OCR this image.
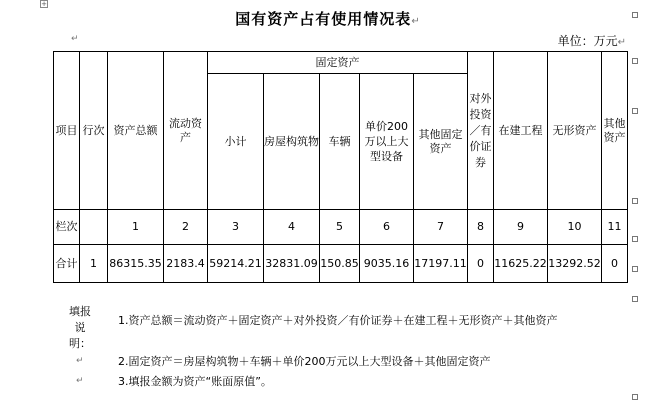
+
国有资产占有使用情况表↵
↵	单位：万元↵
项目	行次	资产总额	流动资产	固定资产					对外投资／有价证券	在建工程	无形资产	其他资产
				小计	房屋构筑物	车辆	单价200万以上大型设备	其他固定资产				
栏次		1	2	3	4	5	6	7	8	9	10	11
合计	1	86315.35	2183.4	59214.21	32831.09	150.85	9035.16	17197.11	0	11625.22	13292.52	0
填报说明：
1.资产总额＝流动资产＋固定资产＋对外投资／有价证券＋在建工程＋无形资产＋其他资产
↵	2.固定资产＝房屋构筑物＋车辆＋单价200万元以上大型设备＋其他固定资产
↵	3.填报金额为资产“账面原值”。
